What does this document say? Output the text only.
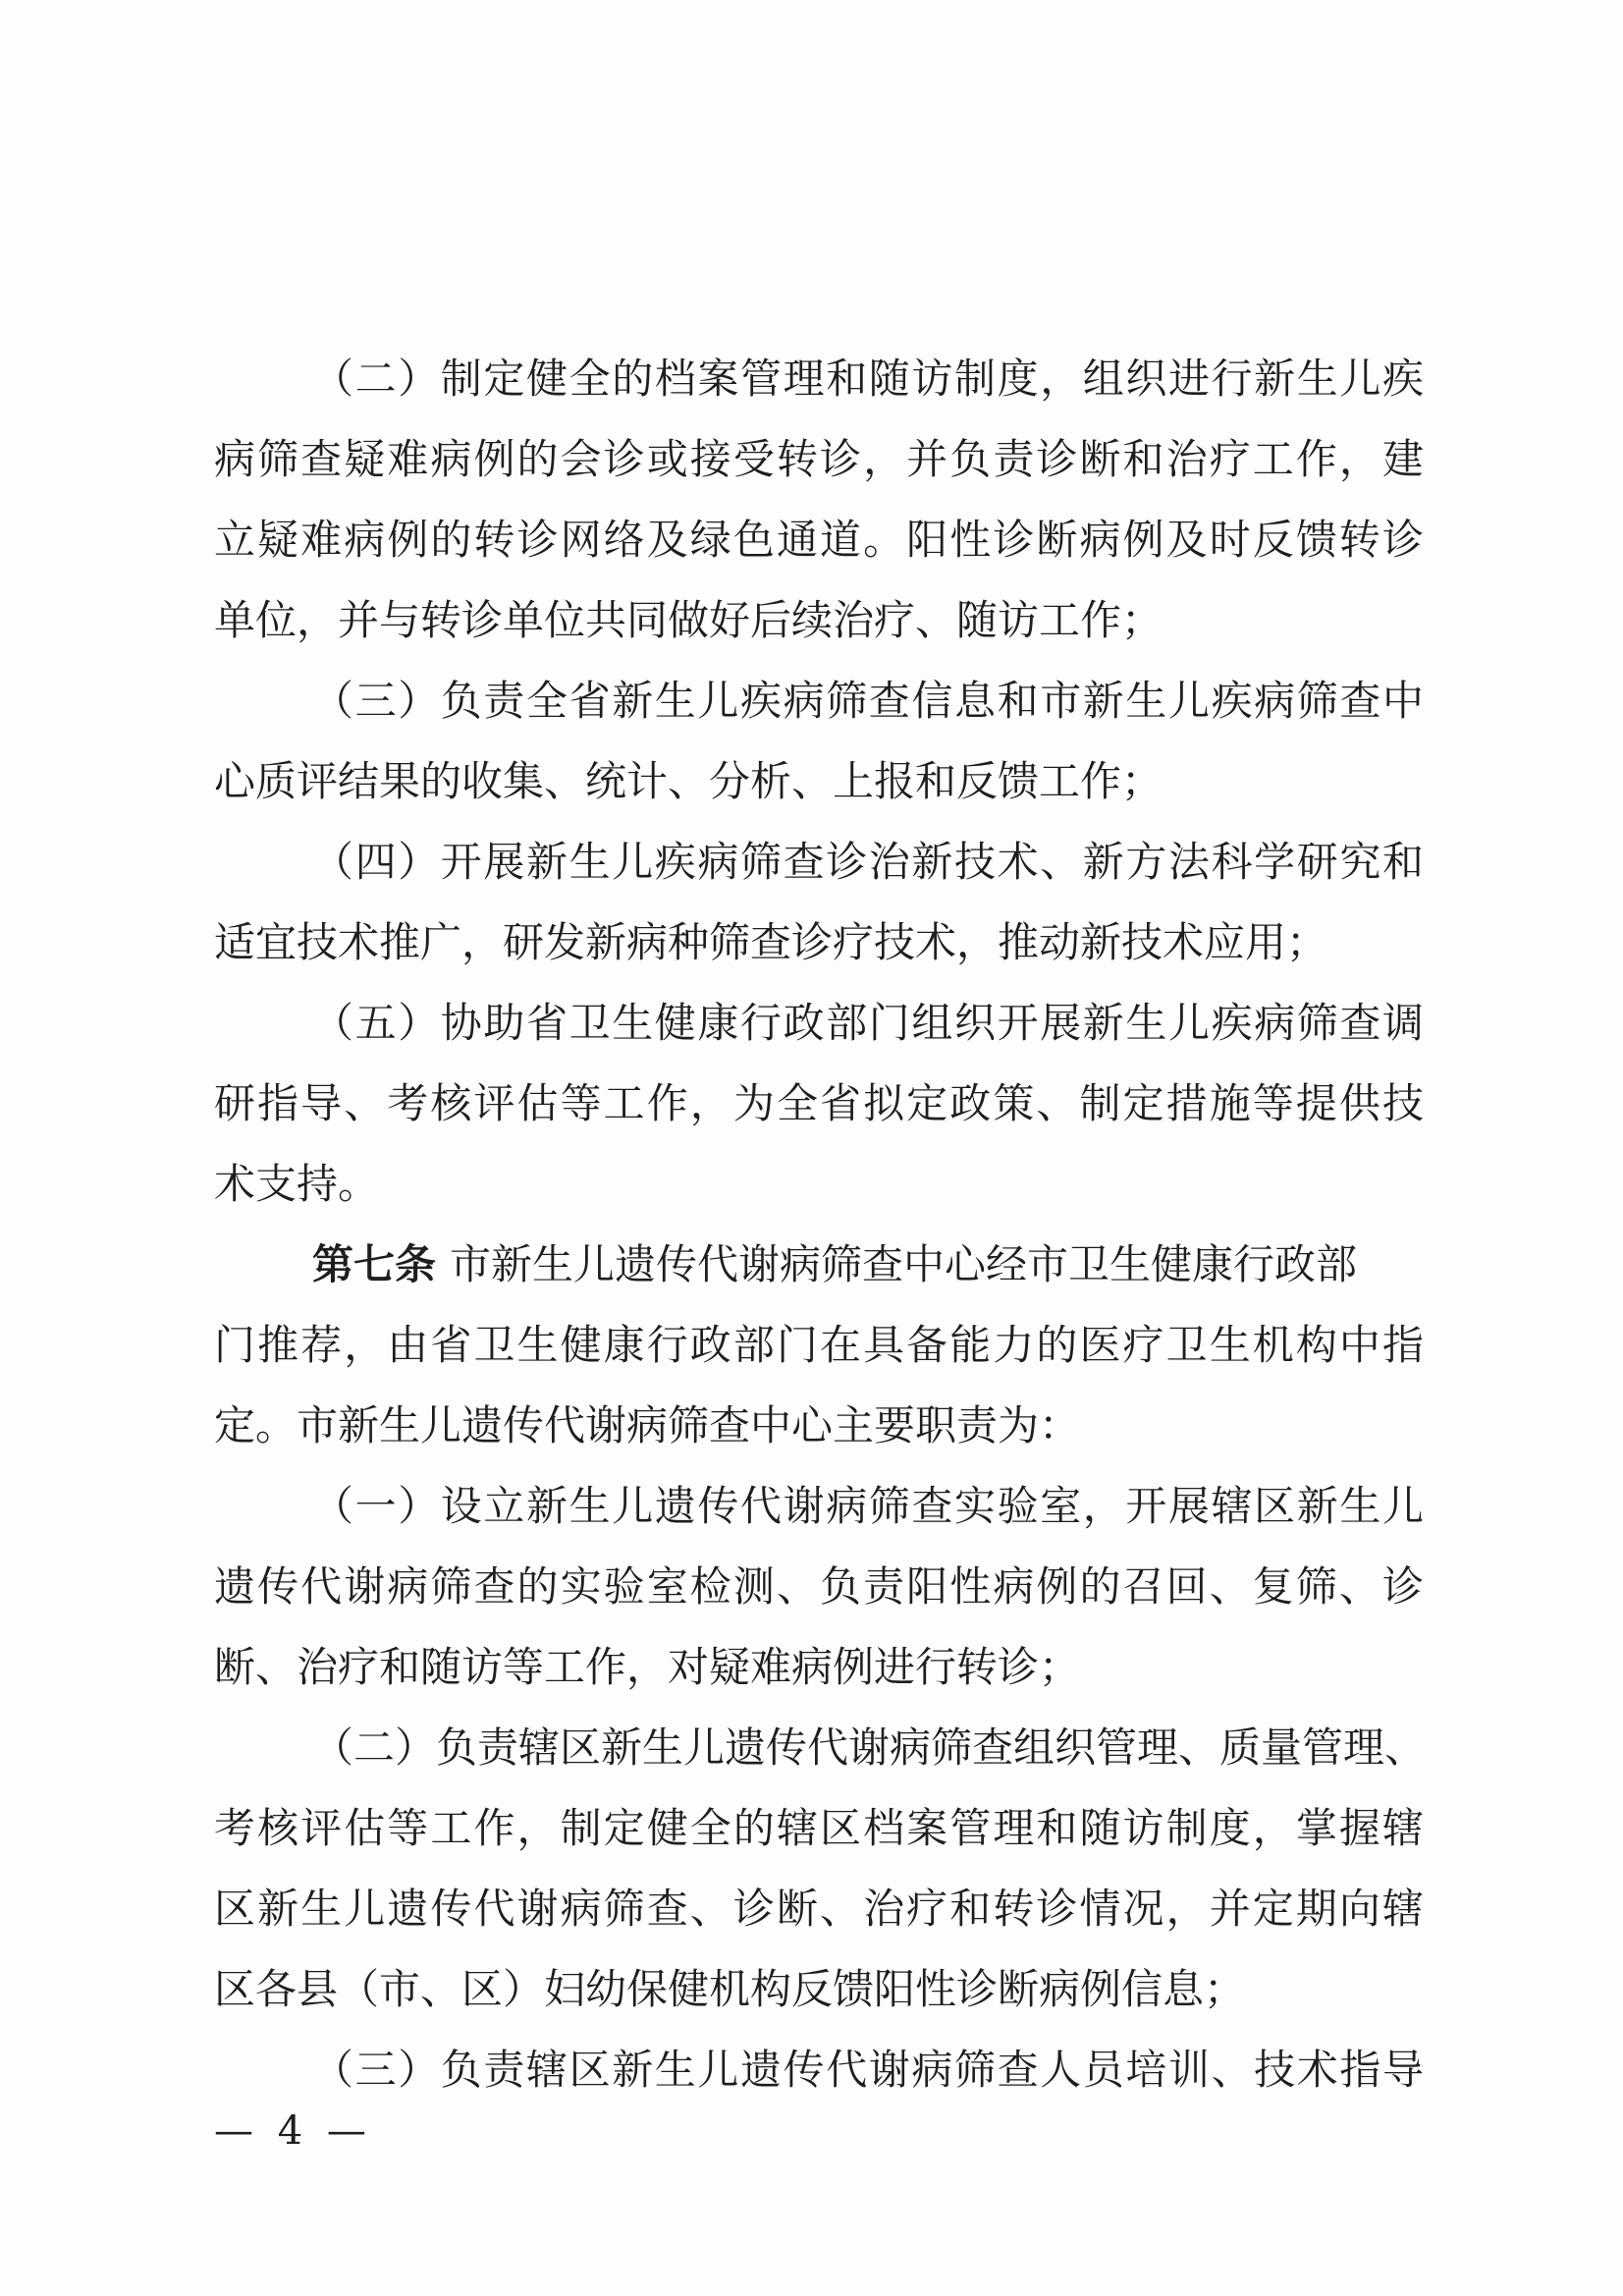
（二）制定健全的档案管理和随访制度，组织进行新生儿疾
病筛查疑难病例的会诊或接受转诊，并负责诊断和治疗工作，建
立疑难病例的转诊网络及绿色通道。阳性诊断病例及时反馈转诊
单位，并与转诊单位共同做好后续治疗、随访工作；
（三）负责全省新生儿疾病筛查信息和市新生儿疾病筛查中
心质评结果的收集、统计、分析、上报和反馈工作；
（四）开展新生儿疾病筛查诊治新技术、新方法科学研究和
适宜技术推广，研发新病种筛查诊疗技术，推动新技术应用；
（五）协助省卫生健康行政部门组织开展新生儿疾病筛查调
研指导、考核评估等工作，为全省拟定政策、制定措施等提供技
术支持。
第七条 市新生儿遗传代谢病筛查中心经市卫生健康行政部
门推荐，由省卫生健康行政部门在具备能力的医疗卫生机构中指
定。市新生儿遗传代谢病筛查中心主要职责为：
（一）设立新生儿遗传代谢病筛查实验室，开展辖区新生儿
遗传代谢病筛查的实验室检测、负责阳性病例的召回、复筛、诊
断、治疗和随访等工作，对疑难病例进行转诊；
（二）负责辖区新生儿遗传代谢病筛查组织管理、质量管理、
考核评估等工作，制定健全的辖区档案管理和随访制度，掌握辖
区新生儿遗传代谢病筛查、诊断、治疗和转诊情况，并定期向辖
区各县（市、区）妇幼保健机构反馈阳性诊断病例信息；
（三）负责辖区新生儿遗传代谢病筛查人员培训、技术指导
— 4 —
